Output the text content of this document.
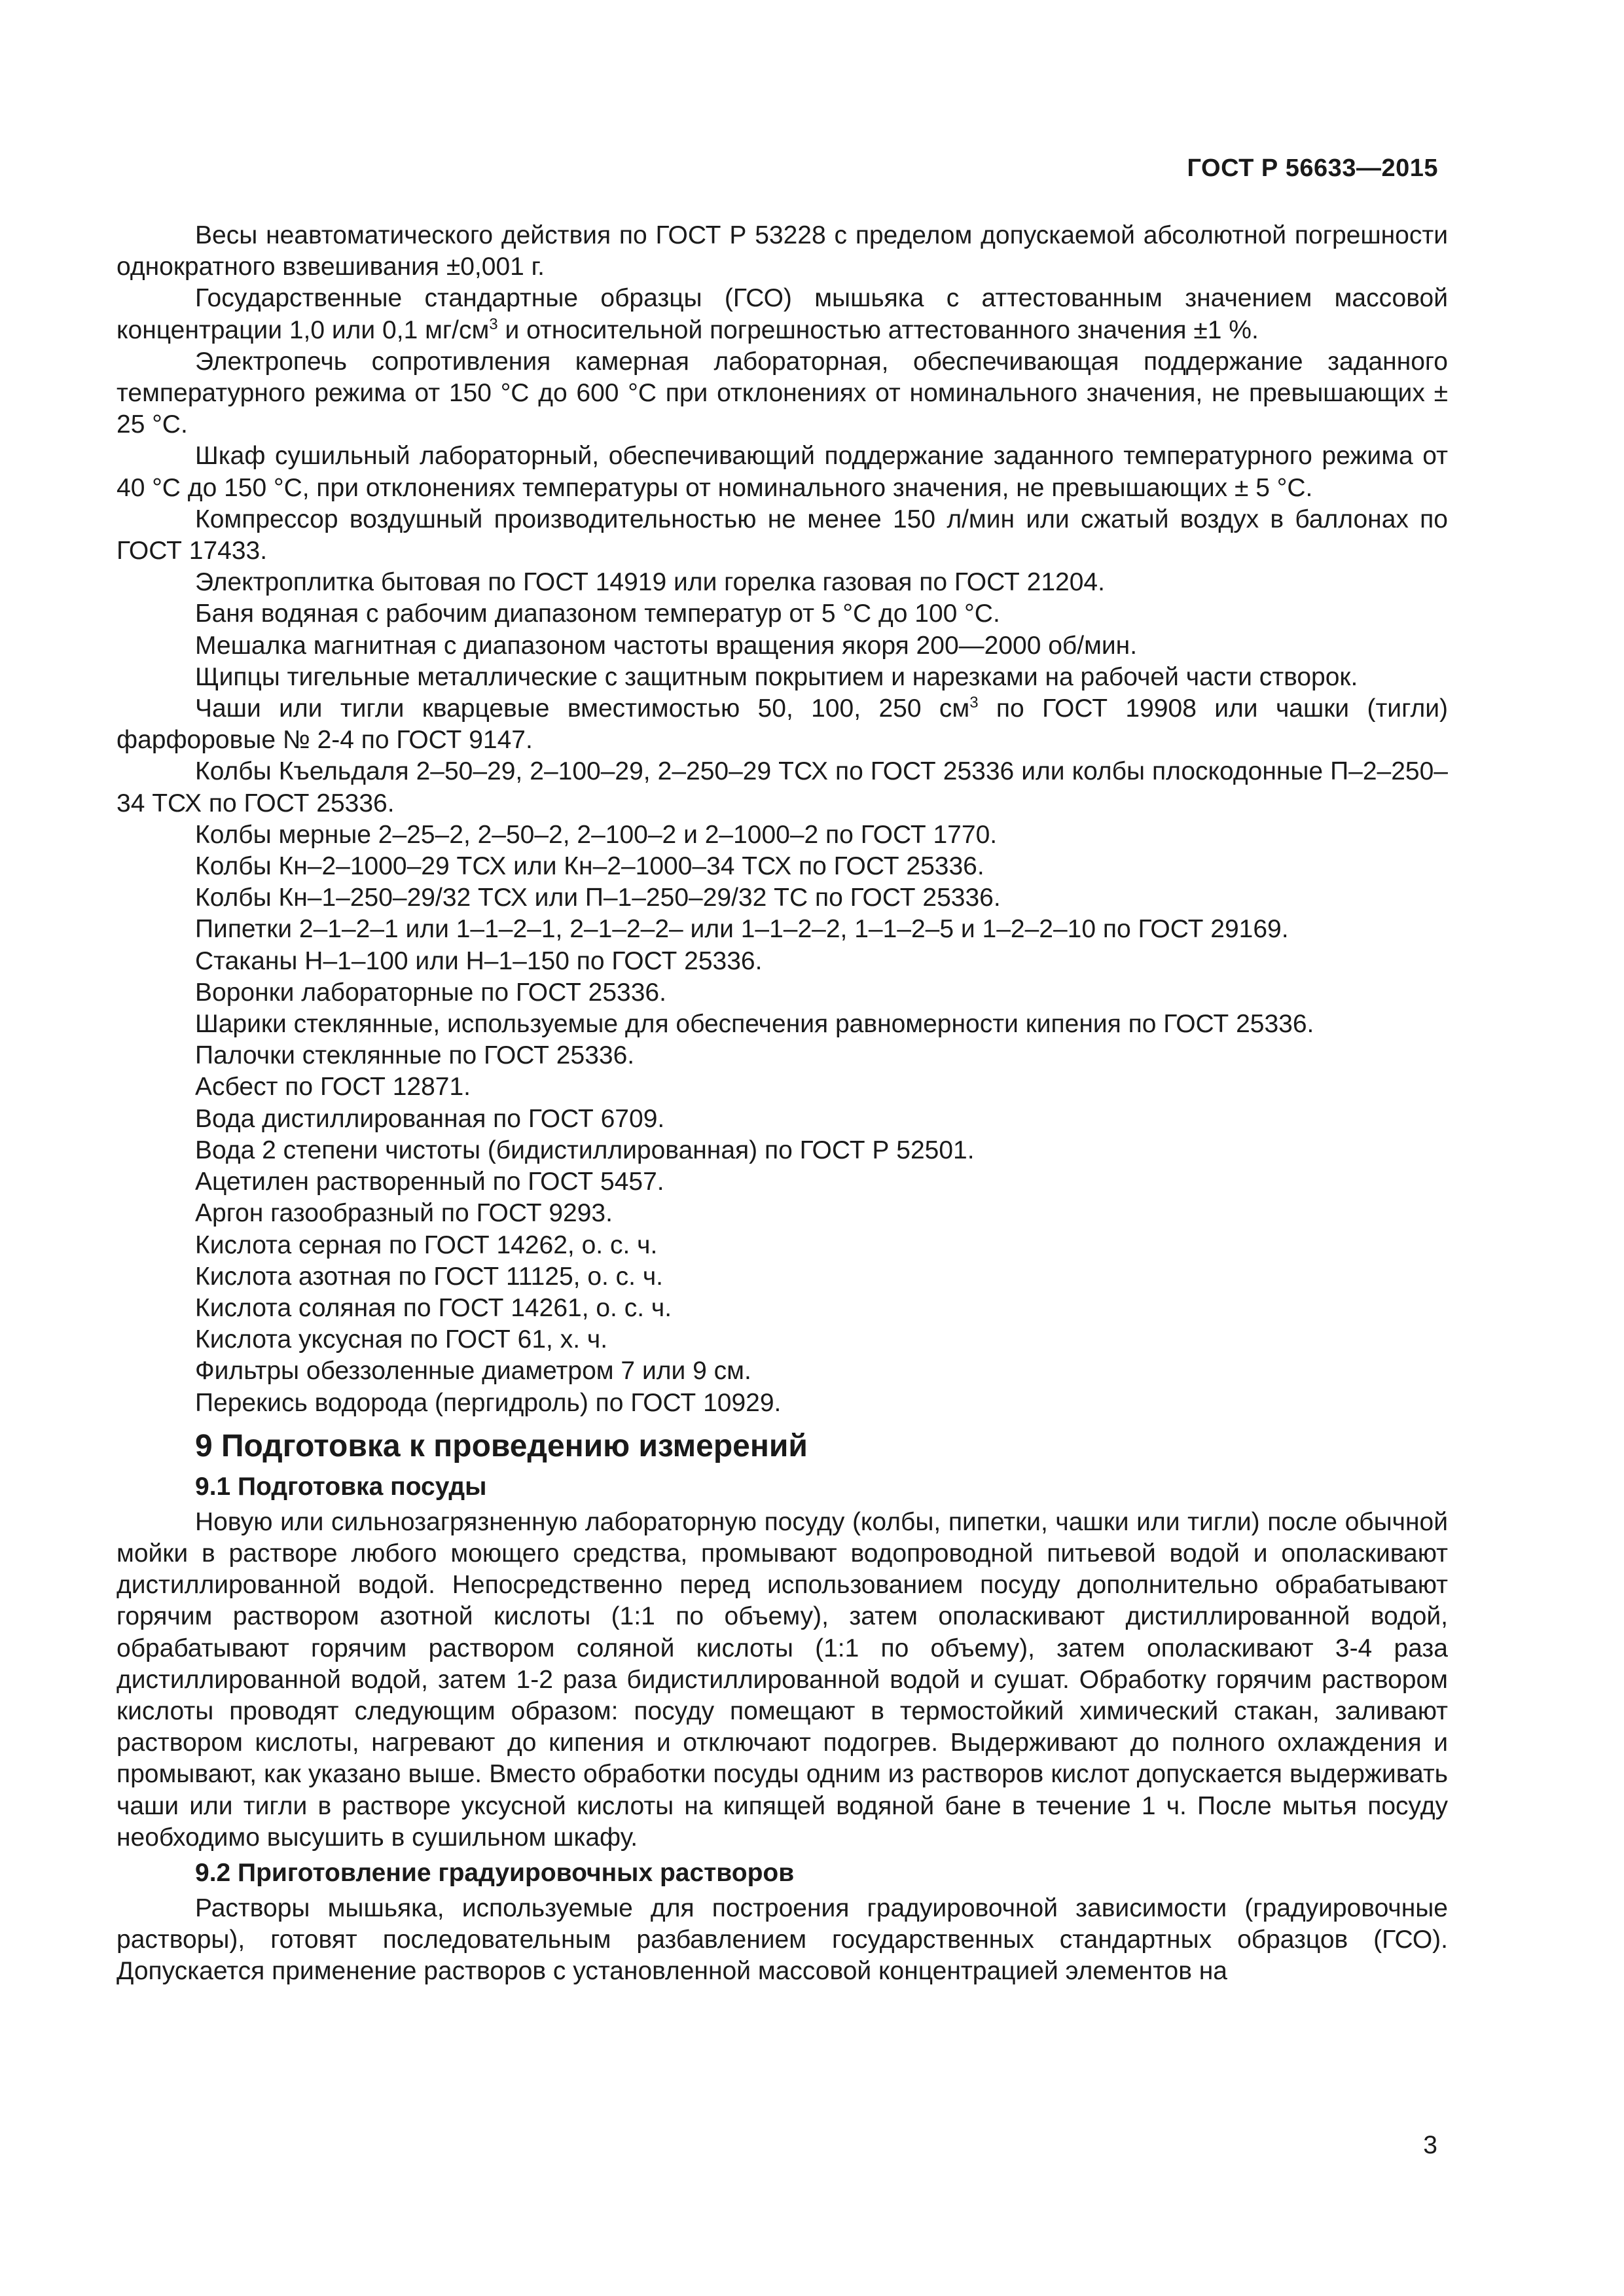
ГОСТ Р 56633—2015

Весы неавтоматического действия по ГОСТ Р 53228 с пределом допускаемой абсолютной погрешности однократного взвешивания ±0,001 г.

Государственные стандартные образцы (ГСО) мышьяка с аттестованным значением массовой концентрации 1,0 или 0,1 $мг/см^3$ и относительной погрешностью аттестованного значения ±1 %.

Электропечь сопротивления камерная лабораторная, обеспечивающая поддержание заданного температурного режима от 150 °С до 600 °С при отклонениях от номинального значения, не превышающих ± 25 °С.

Шкаф сушильный лабораторный, обеспечивающий поддержание заданного температурного режима от 40 °С до 150 °С, при отклонениях температуры от номинального значения, не превышающих ± 5 °С.

Компрессор воздушный производительностью не менее 150 л/мин или сжатый воздух в баллонах по ГОСТ 17433.

Электроплитка бытовая по ГОСТ 14919 или горелка газовая по ГОСТ 21204.

Баня водяная с рабочим диапазоном температур от 5 °С до 100 °С.

Мешалка магнитная с диапазоном частоты вращения якоря 200—2000 об/мин.

Щипцы тигельные металлические с защитным покрытием и нарезками на рабочей части створок.

Чаши или тигли кварцевые вместимостью 50, 100, 250 $см^3$ по ГОСТ 19908 или чашки (тигли) фарфоровые № 2-4 по ГОСТ 9147.

Колбы Къельдаля 2–50–29, 2–100–29, 2–250–29 ТСХ по ГОСТ 25336 или колбы плоскодонные П–2–250–34 ТСХ по ГОСТ 25336.

Колбы мерные 2–25–2, 2–50–2, 2–100–2 и 2–1000–2 по ГОСТ 1770.

Колбы Кн–2–1000–29 ТСХ или Кн–2–1000–34 ТСХ по ГОСТ 25336.

Колбы Кн–1–250–29/32 ТСХ или П–1–250–29/32 ТС по ГОСТ 25336.

Пипетки 2–1–2–1 или 1–1–2–1, 2–1–2–2– или 1–1–2–2, 1–1–2–5 и 1–2–2–10 по ГОСТ 29169.

Стаканы Н–1–100 или Н–1–150 по ГОСТ 25336.

Воронки лабораторные по ГОСТ 25336.

Шарики стеклянные, используемые для обеспечения равномерности кипения по ГОСТ 25336.

Палочки стеклянные по ГОСТ 25336.

Асбест по ГОСТ 12871.

Вода дистиллированная по ГОСТ 6709.

Вода 2 степени чистоты (бидистиллированная) по ГОСТ Р 52501.

Ацетилен растворенный по ГОСТ 5457.

Аргон газообразный по ГОСТ 9293.

Кислота серная по ГОСТ 14262, о. с. ч.

Кислота азотная по ГОСТ 11125, о. с. ч.

Кислота соляная по ГОСТ 14261, о. с. ч.

Кислота уксусная по ГОСТ 61, х. ч.

Фильтры обеззоленные диаметром 7 или 9 см.

Перекись водорода (пергидроль) по ГОСТ 10929.

9 Подготовка к проведению измерений
9.1 Подготовка посуды

Новую или сильнозагрязненную лабораторную посуду (колбы, пипетки, чашки или тигли) после обычной мойки в растворе любого моющего средства, промывают водопроводной питьевой водой и ополаскивают дистиллированной водой. Непосредственно перед использованием посуду дополнительно обрабатывают горячим раствором азотной кислоты (1:1 по объему), затем ополаскивают дистиллированной водой, обрабатывают горячим раствором соляной кислоты (1:1 по объему), затем ополаскивают 3-4 раза дистиллированной водой, затем 1-2 раза бидистиллированной водой и сушат. Обработку горячим раствором кислоты проводят следующим образом: посуду помещают в термостойкий химический стакан, заливают раствором кислоты, нагревают до кипения и отключают подогрев. Выдерживают до полного охлаждения и промывают, как указано выше. Вместо обработки посуды одним из растворов кислот допускается выдерживать чаши или тигли в растворе уксусной кислоты на кипящей водяной бане в течение 1 ч. После мытья посуду необходимо высушить в сушильном шкафу.

9.2 Приготовление градуировочных растворов

Растворы мышьяка, используемые для построения градуировочной зависимости (градуировочные растворы), готовят последовательным разбавлением государственных стандартных образцов (ГСО). Допускается применение растворов с установленной массовой концентрацией элементов на

3
